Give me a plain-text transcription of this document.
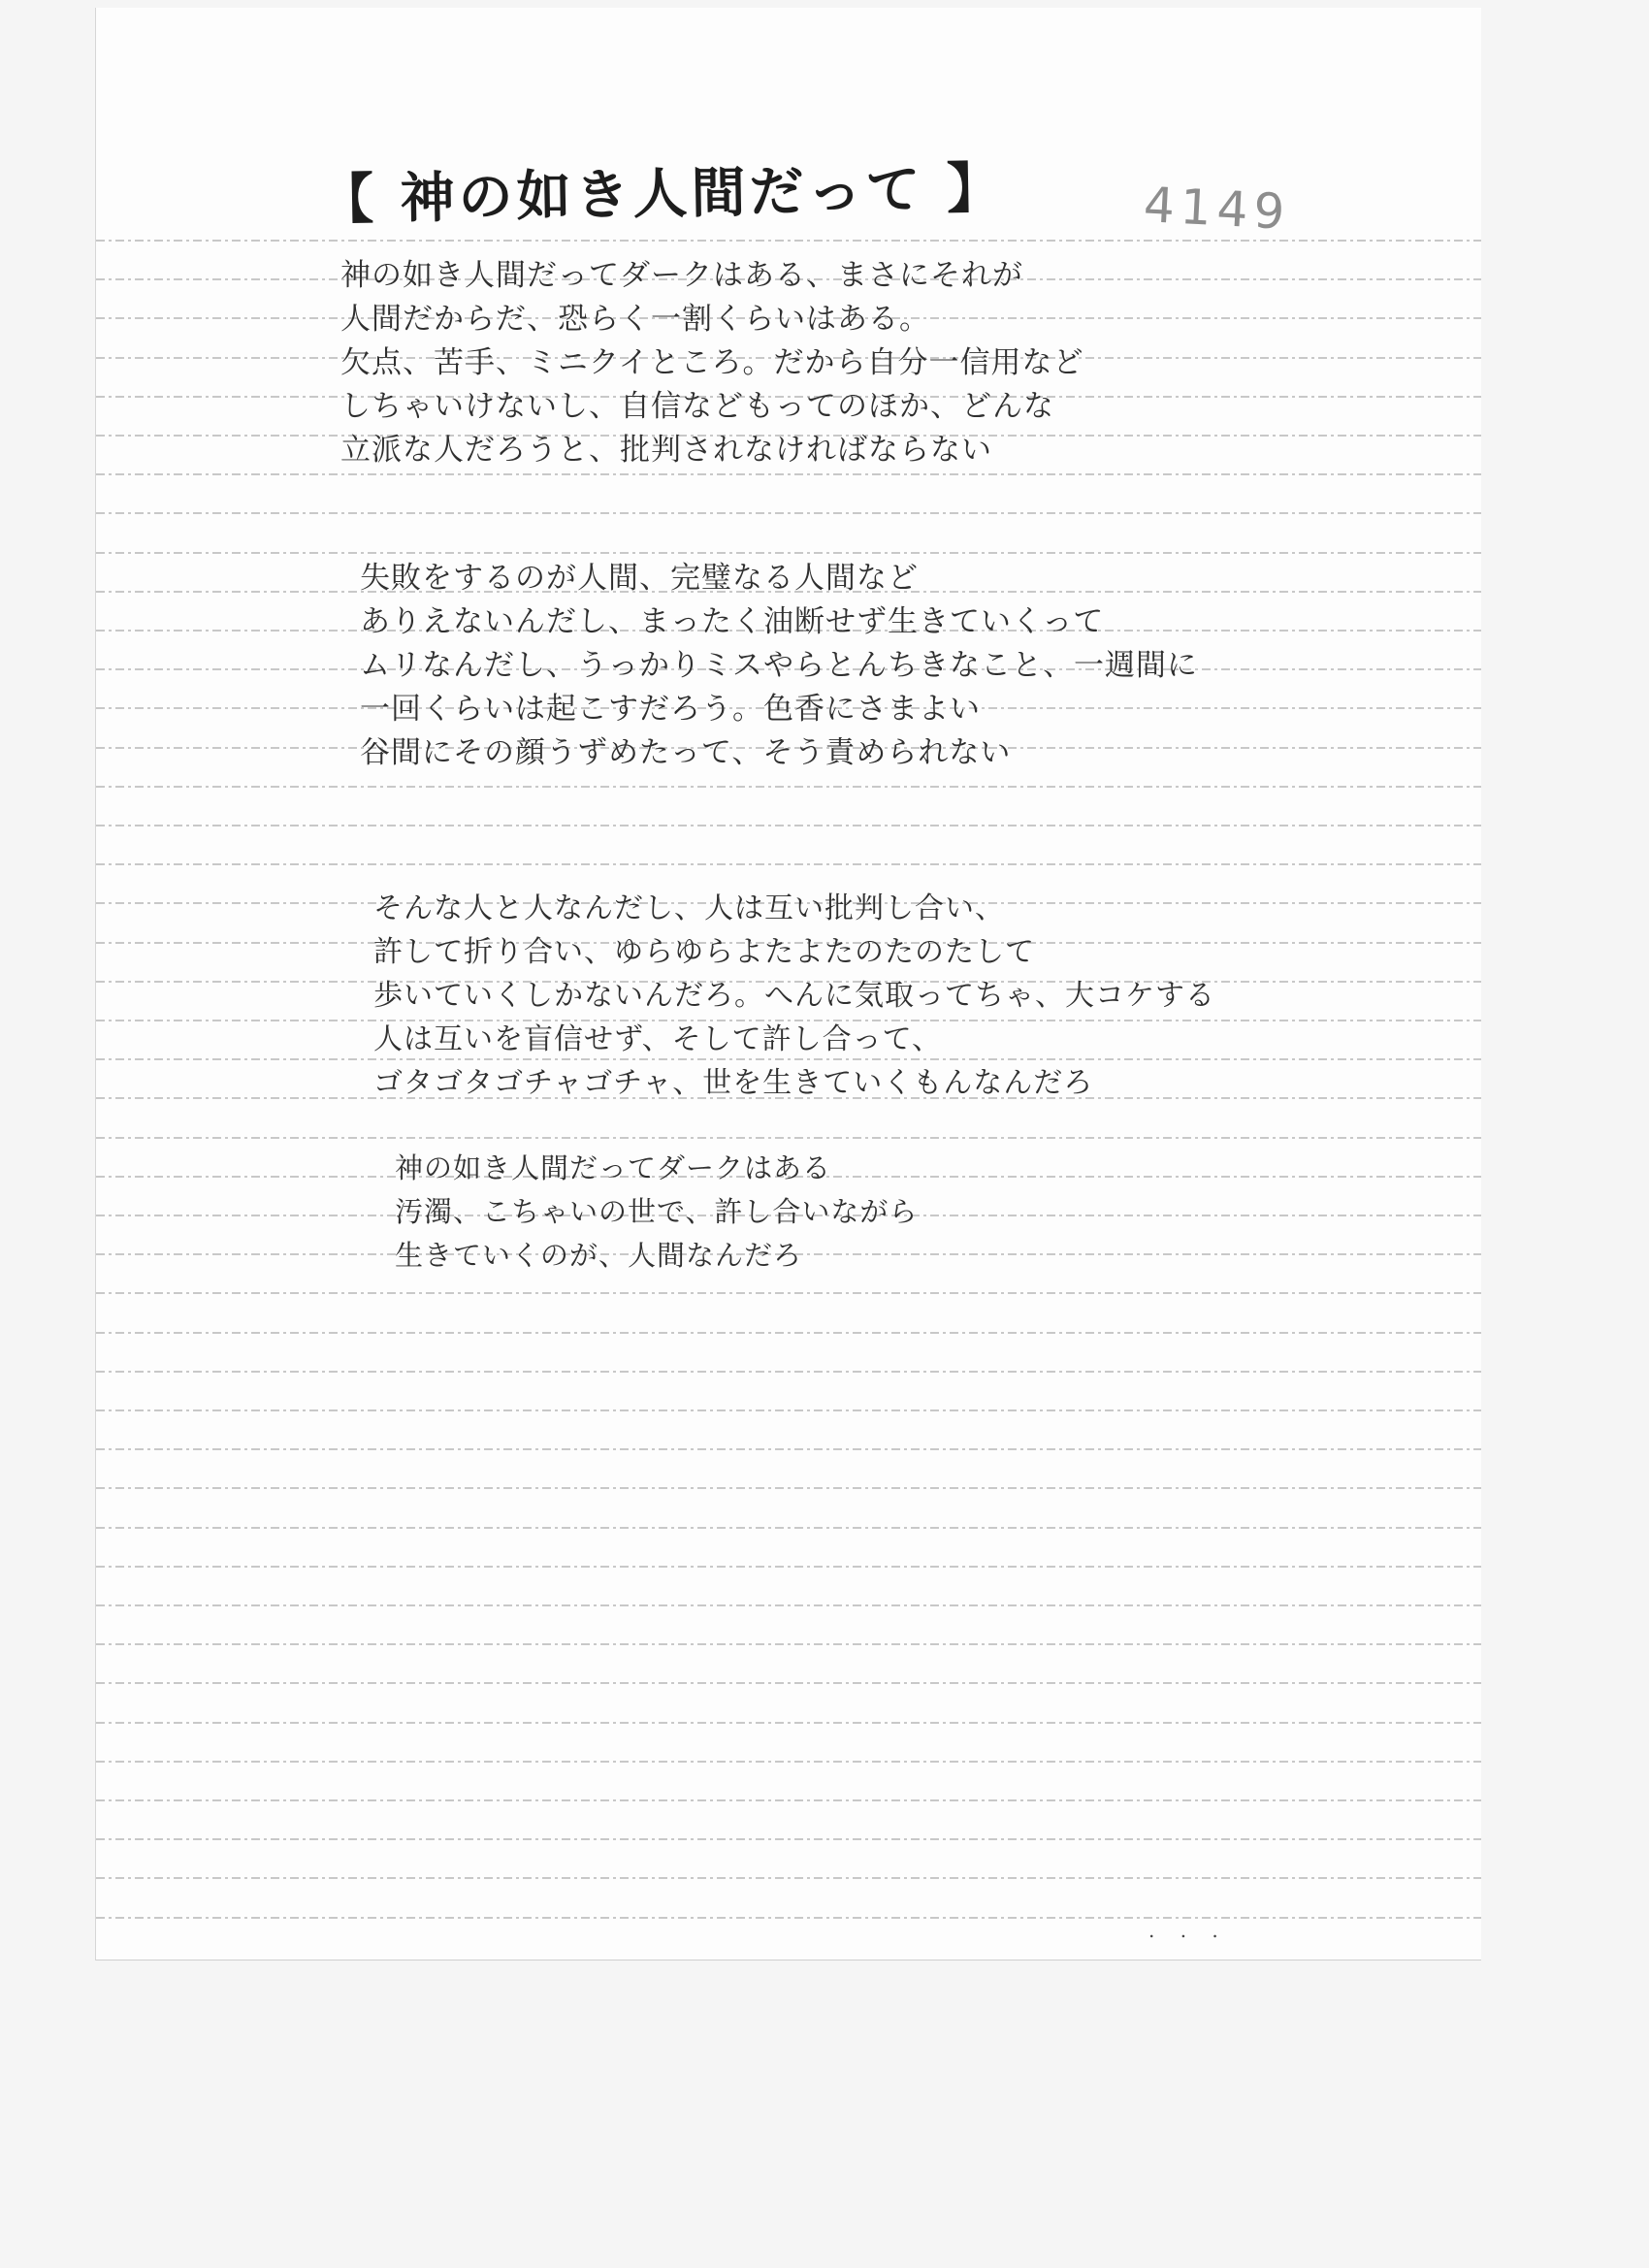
【 神の如き人間だって 】	4149
神の如き人間だってダークはある、まさにそれが
人間だからだ、恐らく一割くらいはある。
欠点、苦手、ミニクイところ。だから自分一信用など
しちゃいけないし、自信などもってのほか、どんな
立派な人だろうと、批判されなければならない
失敗をするのが人間、完璧なる人間など
ありえないんだし、まったく油断せず生きていくって
ムリなんだし、うっかりミスやらとんちきなこと、一週間に
一回くらいは起こすだろう。色香にさまよい
谷間にその顔うずめたって、そう責められない
そんな人と人なんだし、人は互い批判し合い、
許して折り合い、ゆらゆらよたよたのたのたして
歩いていくしかないんだろ。へんに気取ってちゃ、大コケする
人は互いを盲信せず、そして許し合って、
ゴタゴタゴチャゴチャ、世を生きていくもんなんだろ
神の如き人間だってダークはある
汚濁、こちゃいの世で、許し合いながら
生きていくのが、人間なんだろ
. . .
